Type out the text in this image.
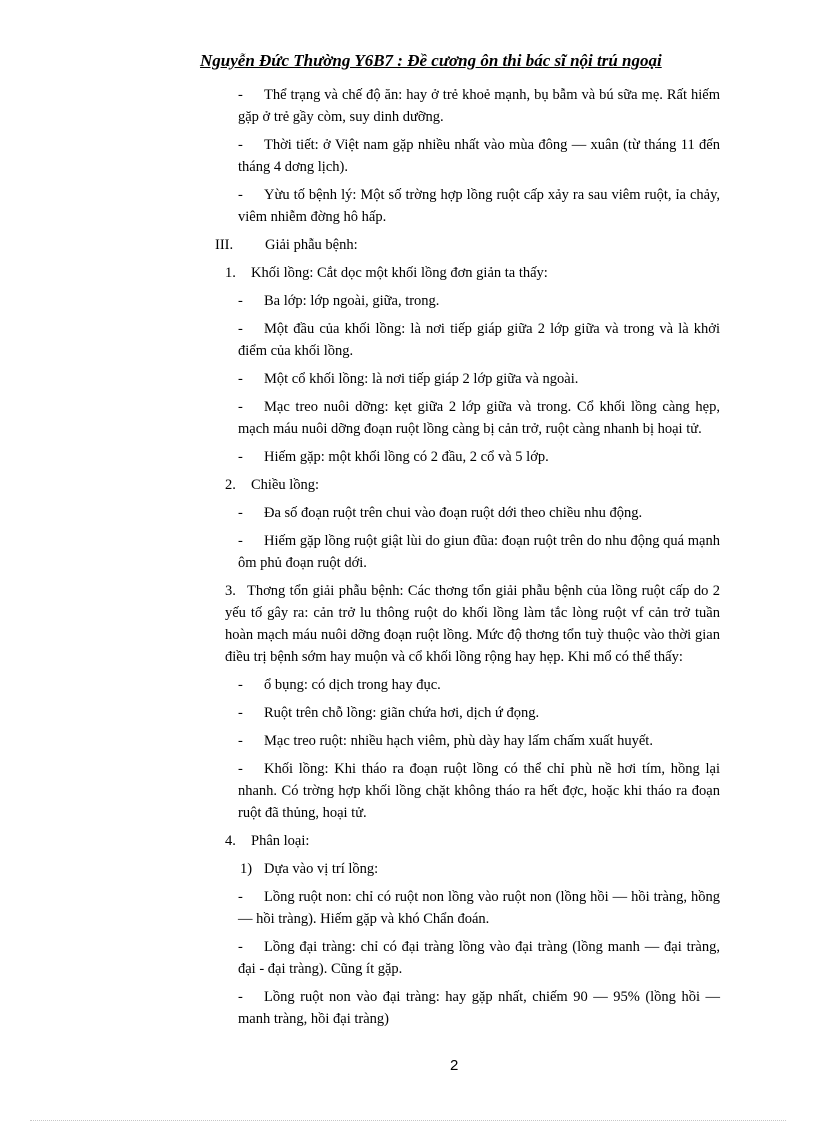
Nguyễn Đức Thường Y6B7 : Đề cương ôn thi bác sĩ nội trú ngoại
- Thể trạng và chế độ ăn: hay ở trẻ khoẻ mạnh, bụ bẫm và bú sữa mẹ. Rất hiếm gặp ở trẻ gầy còm, suy dinh dưỡng.
- Thời tiết: ở Việt nam gặp nhiều nhất vào mùa đông — xuân (từ tháng 11 đến tháng 4 dơng lịch).
- Yừu tố bệnh lý: Một số trờng hợp lồng ruột cấp xảy ra sau viêm ruột, ỉa chảy, viêm nhiễm đờng hô hấp.
III. Giải phẫu bệnh:
1. Khối lồng: Cắt dọc một khối lồng đơn giản ta thấy:
- Ba lớp: lớp ngoài, giữa, trong.
- Một đầu của khối lồng: là nơi tiếp giáp giữa 2 lớp giữa và trong và là khởi điểm của khối lồng.
- Một cổ khối lồng: là nơi tiếp giáp 2 lớp giữa và ngoài.
- Mạc treo nuôi dỡng: kẹt giữa 2 lớp giữa và trong. Cổ khối lồng càng hẹp, mạch máu nuôi dỡng đoạn ruột lồng càng bị cản trở, ruột càng nhanh bị hoại tử.
- Hiếm gặp: một khối lồng có 2 đầu, 2 cổ và 5 lớp.
2. Chiều lồng:
- Đa số đoạn ruột trên chui vào đoạn ruột dới theo chiều nhu động.
- Hiếm gặp lồng ruột giật lùi do giun đũa: đoạn ruột trên do nhu động quá mạnh ôm phủ đoạn ruột dới.
3. Thơng tổn giải phẫu bệnh: Các thơng tổn giải phẫu bệnh của lồng ruột cấp do 2 yếu tố gây ra: cản trở lu thông ruột do khối lồng làm tắc lòng ruột vf cản trở tuần hoàn mạch máu nuôi dỡng đoạn ruột lồng. Mức độ thơng tổn tuỳ thuộc vào thời gian điều trị bệnh sớm hay muộn và cổ khối lồng rộng hay hẹp. Khi mổ có thể thấy:
- ổ bụng: có dịch trong hay đục.
- Ruột trên chỗ lồng: giãn chứa hơi, dịch ứ đọng.
- Mạc treo ruột: nhiều hạch viêm, phù dày hay lấm chấm xuất huyết.
- Khối lồng: Khi tháo ra đoạn ruột lồng có thể chỉ phù nề hơi tím, hồng lại nhanh. Có trờng hợp khối lồng chặt không tháo ra hết đợc, hoặc khi tháo ra đoạn ruột đã thủng, hoại tử.
4. Phân loại:
1) Dựa vào vị trí lồng:
- Lồng ruột non: chỉ có ruột non lồng vào ruột non (lồng hồi — hồi tràng, hồng — hồi tràng). Hiếm gặp và khó Chẩn đoán.
- Lồng đại tràng: chỉ có đại tràng lồng vào đại tràng (lồng manh — đại tràng, đại - đại tràng). Cũng ít gặp.
- Lồng ruột non vào đại tràng: hay gặp nhất, chiếm 90 — 95% (lồng hồi — manh tràng, hồi đại tràng)
2
